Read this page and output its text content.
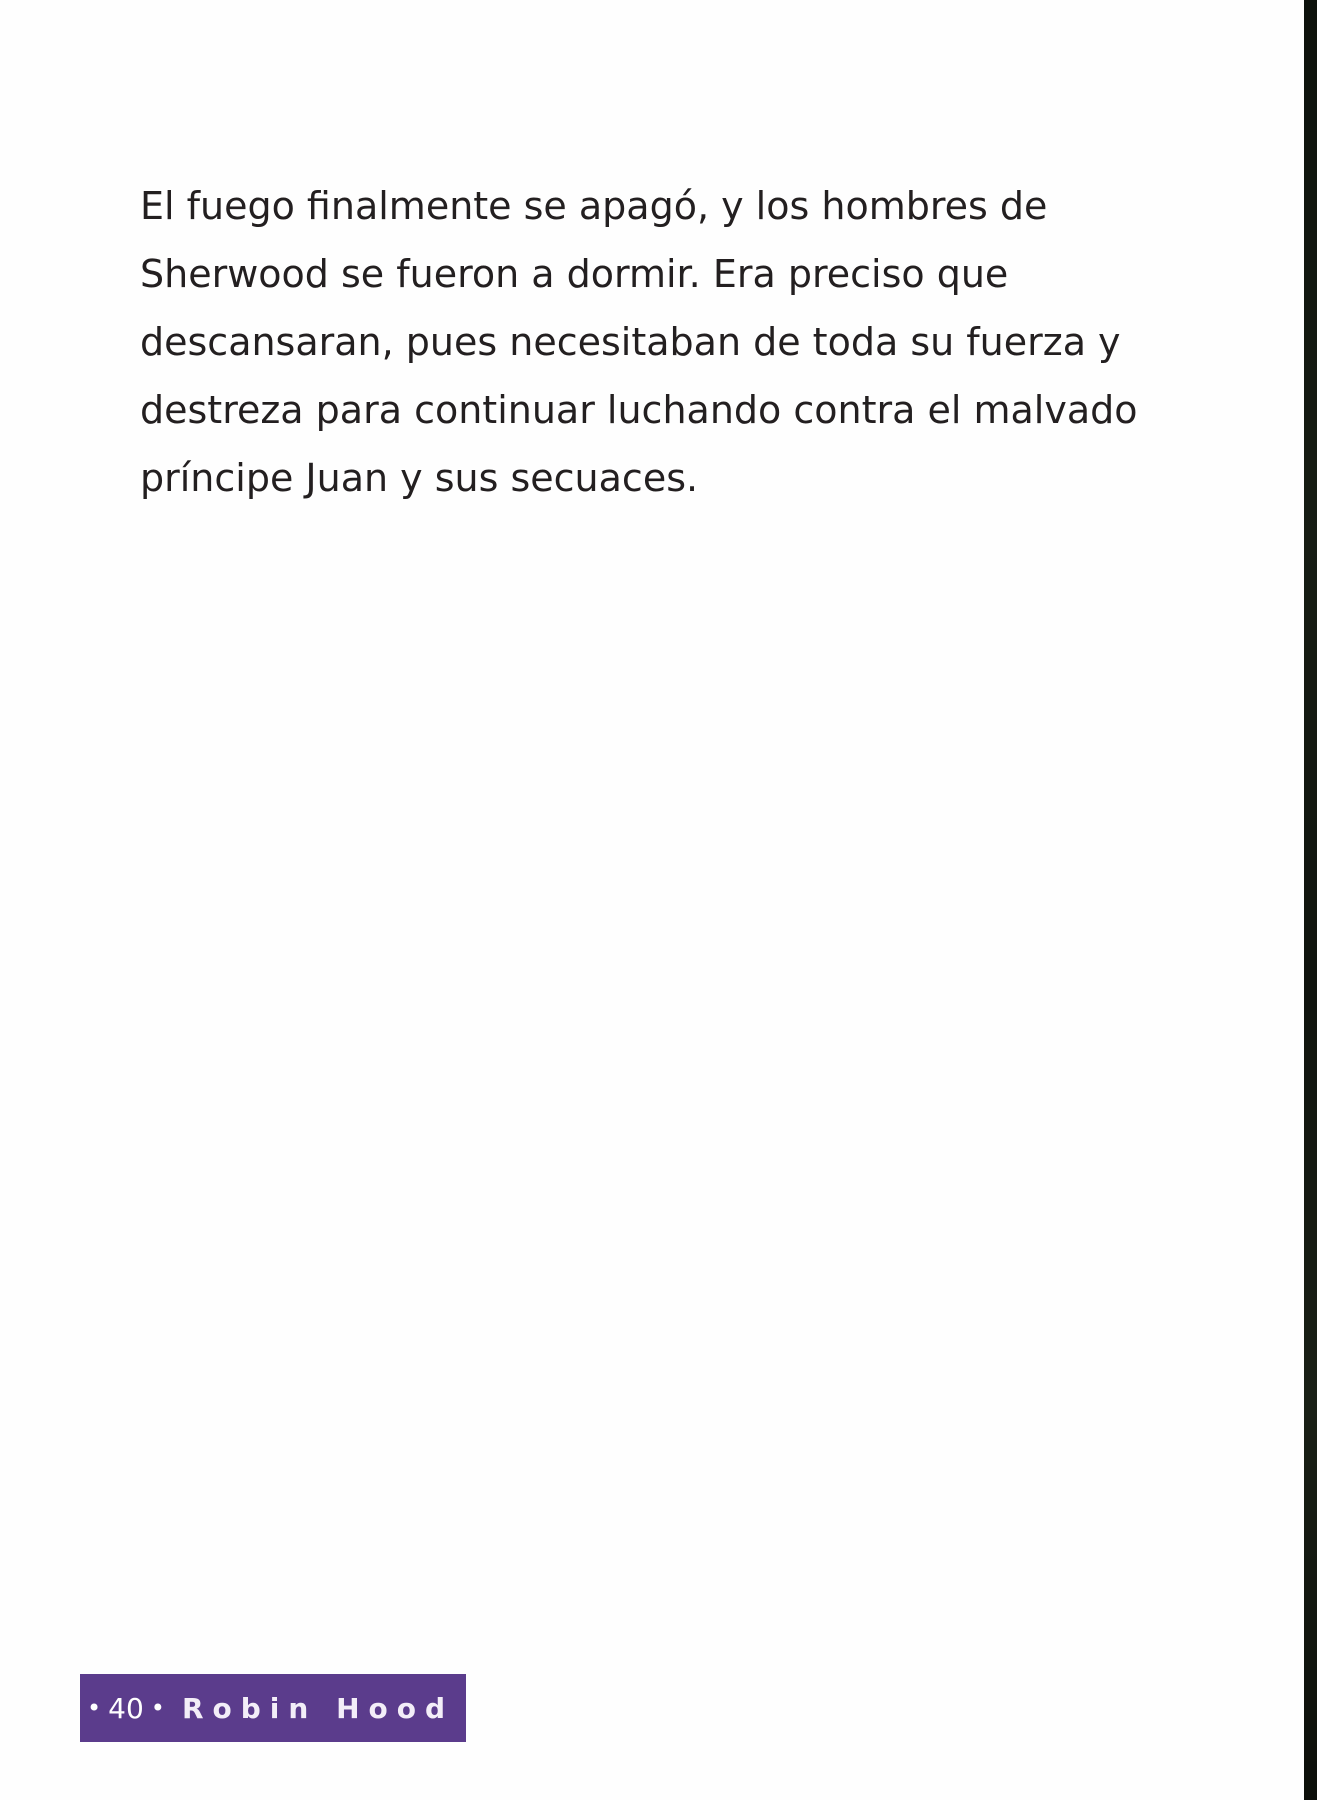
El fuego finalmente se apagó, y los hombres de
Sherwood se fueron a dormir. Era preciso que
descansaran, pues necesitaban de toda su fuerza y
destreza para continuar luchando contra el malvado
príncipe Juan y sus secuaces.

• 40 • Robin Hood
